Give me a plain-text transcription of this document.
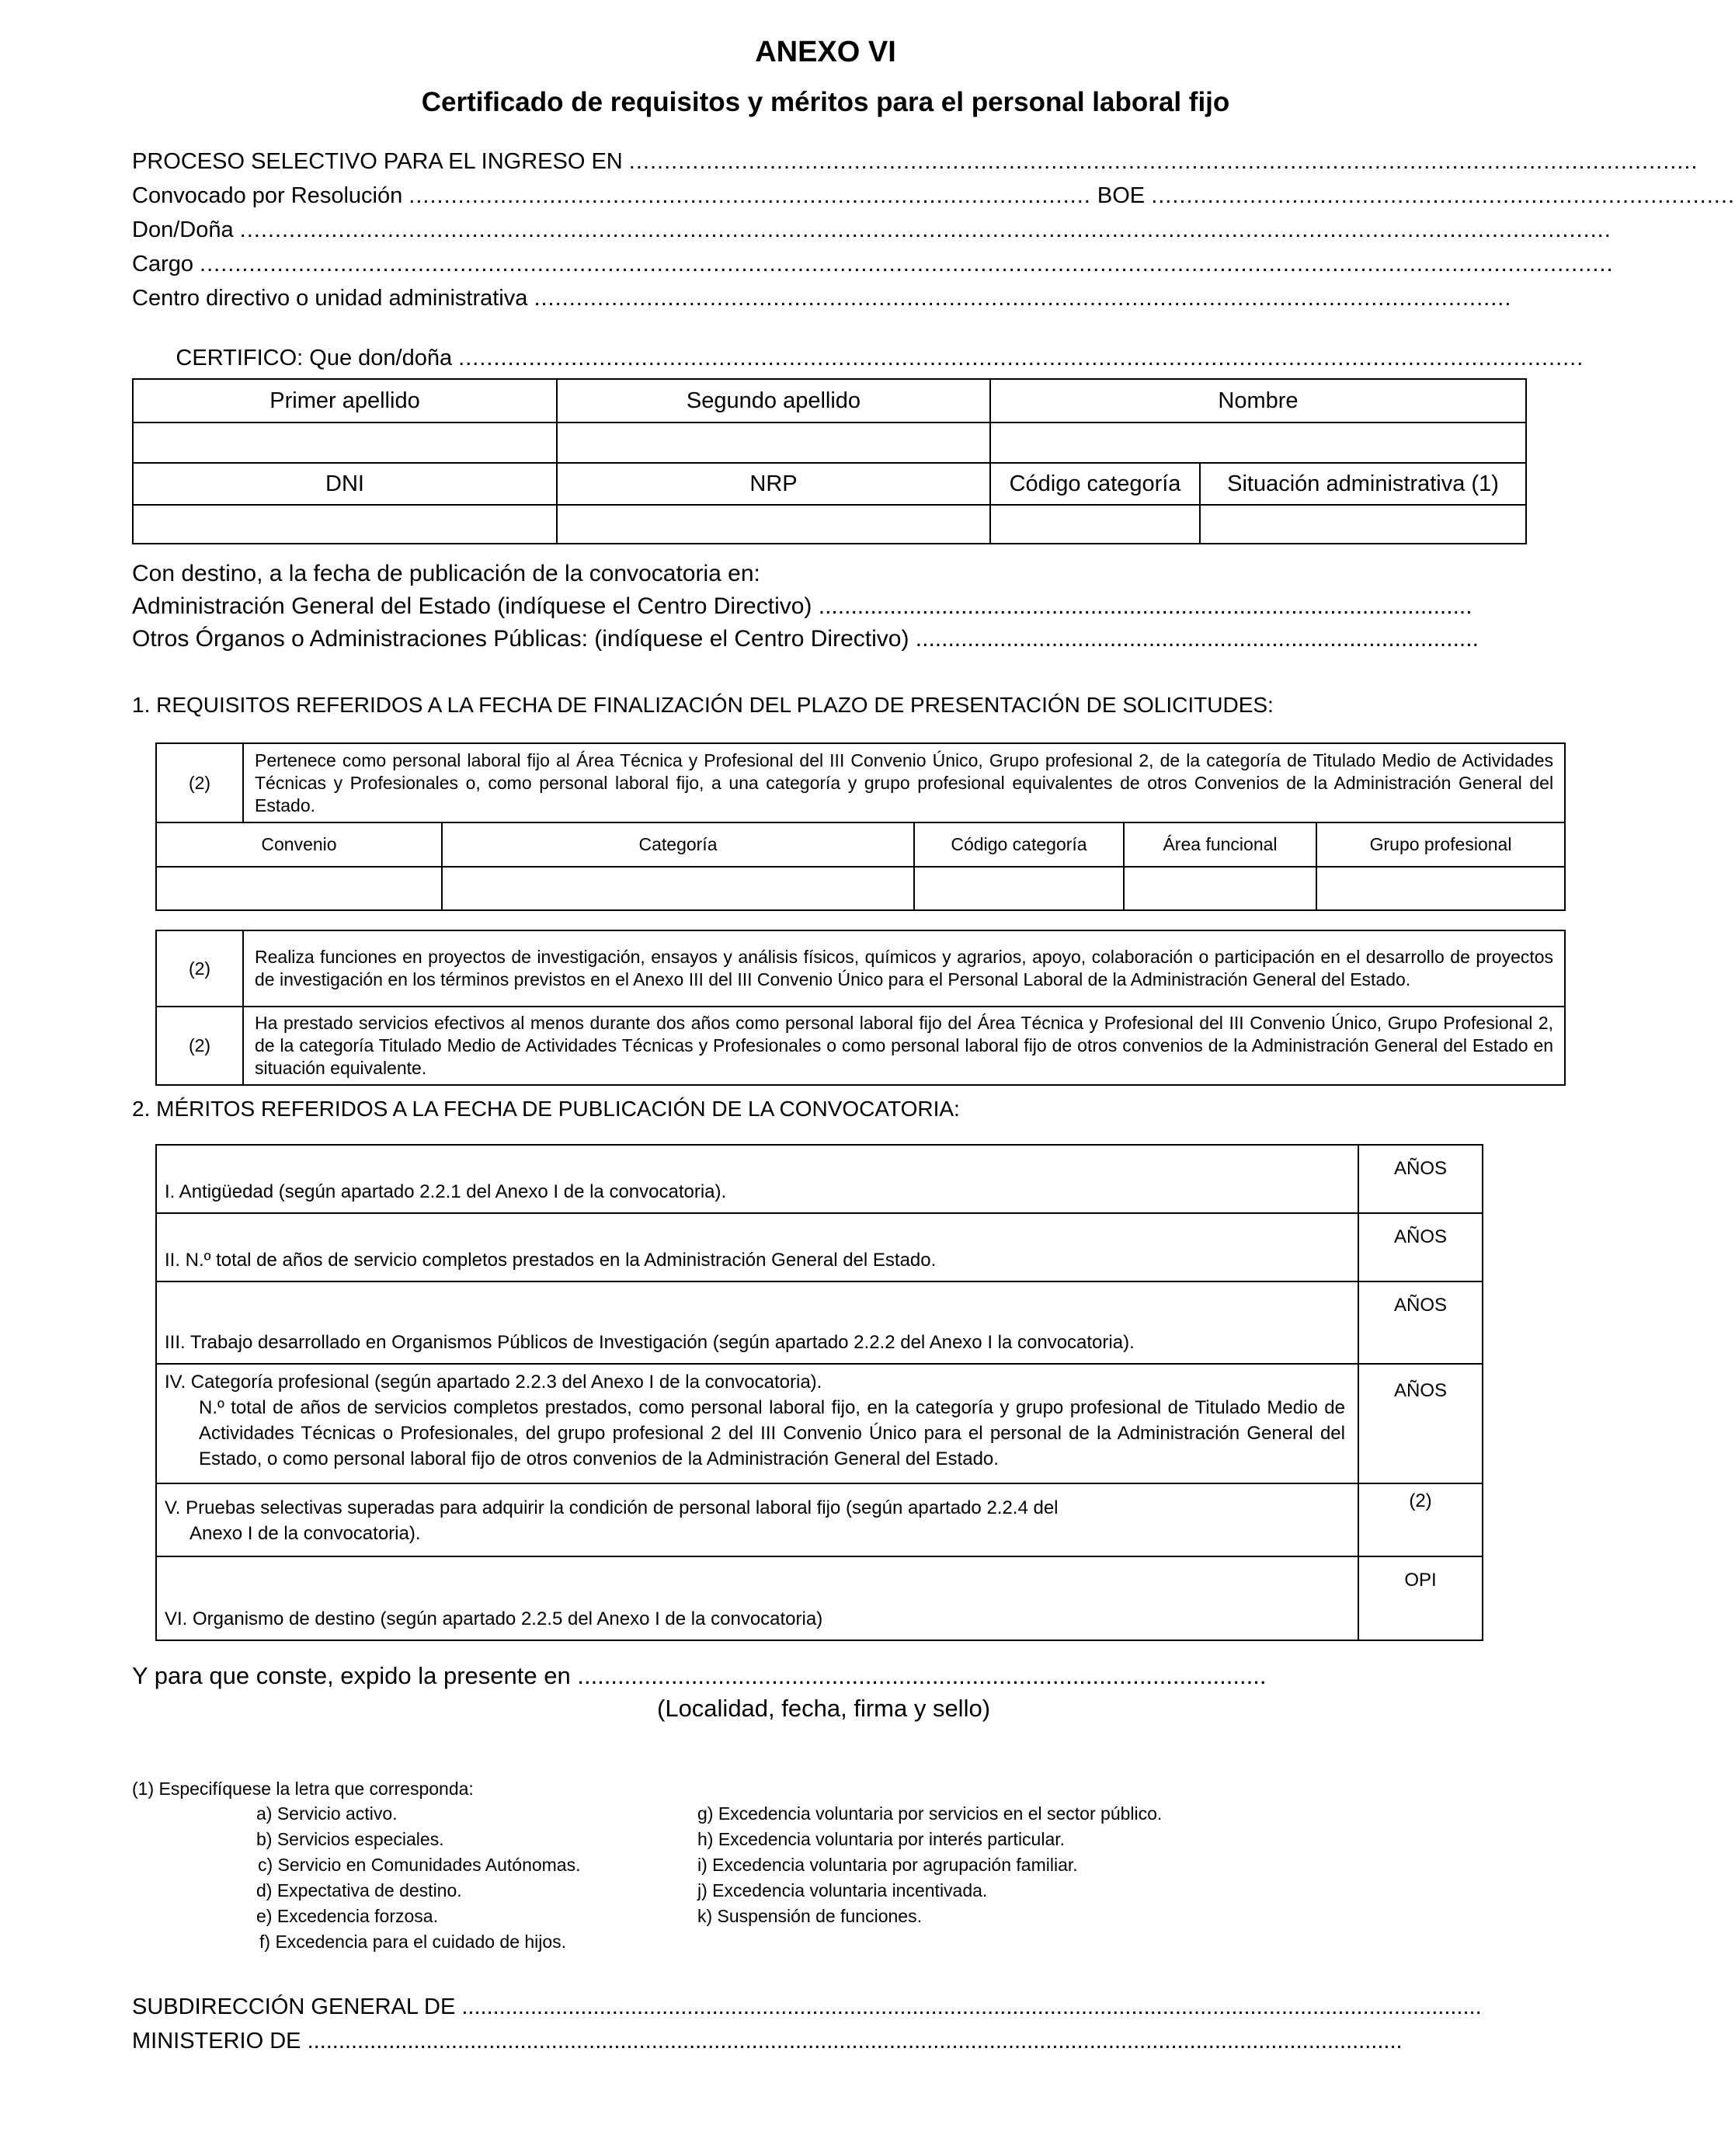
ANEXO VI
Certificado de requisitos y méritos para el personal laboral fijo
PROCESO SELECTIVO PARA EL INGRESO EN ........................................................................................................................................................
Convocado por Resolución ................................................................................................. BOE ...................................................................................
Don/Doña ...................................................................................................................................................................................................
Cargo .........................................................................................................................................................................................................
Centro directivo o unidad administrativa ...........................................................................................................................................

CERTIFICO: Que don/doña ................................................................................................................................................................

Primer apellido	Segundo apellido	Nombre	

DNI	NRP	Código categoría	Situación administrativa (1)

Con destino, a la fecha de publicación de la convocatoria en:
Administración General del Estado (indíquese el Centro Directivo) .....................................................................................................
Otros Órganos o Administraciones Públicas: (indíquese el Centro Directivo) .......................................................................................
1. REQUISITOS REFERIDOS A LA FECHA DE FINALIZACIÓN DEL PLAZO DE PRESENTACIÓN DE SOLICITUDES:
(2)	Pertenece como personal laboral fijo al Área Técnica y Profesional del III Convenio Único, Grupo profesional 2, de la categoría de Titulado Medio de Actividades Técnicas y Profesionales o, como personal laboral fijo, a una categoría y grupo profesional equivalentes de otros Convenios de la Administración General del Estado.				
Convenio		Categoría	Código categoría	Área funcional	Grupo profesional

(2)	Realiza funciones en proyectos de investigación, ensayos y análisis físicos, químicos y agrarios, apoyo, colaboración o participación en el desarrollo de proyectos de investigación en los términos previstos en el Anexo III del III Convenio Único para el Personal Laboral de la Administración General del Estado.				
(2)	Ha prestado servicios efectivos al menos durante dos años como personal laboral fijo del Área Técnica y Profesional del III Convenio Único, Grupo Profesional 2, de la categoría Titulado Medio de Actividades Técnicas y Profesionales o como personal laboral fijo de otros convenios de la Administración General del Estado en situación equivalente.				
2. MÉRITOS REFERIDOS A LA FECHA DE PUBLICACIÓN DE LA CONVOCATORIA:
I. Antigüedad (según apartado 2.2.1 del Anexo I de la convocatoria).	AÑOS
II. N.º total de años de servicio completos prestados en la Administración General del Estado.	AÑOS
III. Trabajo desarrollado en Organismos Públicos de Investigación (según apartado 2.2.2 del Anexo I la convocatoria).	AÑOS

IV. Categoría profesional (según apartado 2.2.3 del Anexo I de la convocatoria).
N.º total de años de servicios completos prestados, como personal laboral fijo, en la categoría y grupo profesional de Titulado Medio de Actividades Técnicas o Profesionales, del grupo profesional 2 del III Convenio Único para el personal de la Administración General del Estado, o como personal laboral fijo de otros convenios de la Administración General del Estado.	AÑOS

V. Pruebas selectivas superadas para adquirir la condición de personal laboral fijo (según apartado 2.2.4 del
Anexo I de la convocatoria).	(2)
VI. Organismo de destino (según apartado 2.2.5 del Anexo I de la convocatoria)	OPI
Y para que conste, expido la presente en .......................................................................................................
(Localidad, fecha, firma y sello)
(1) Especifíquese la letra que corresponda:
a) Servicio activo.
b) Servicios especiales.
c) Servicio en Comunidades Autónomas.
d) Expectativa de destino.
e) Excedencia forzosa.
f) Excedencia para el cuidado de hijos.
g) Excedencia voluntaria por servicios en el sector público.
h) Excedencia voluntaria por interés particular.
i) Excedencia voluntaria por agrupación familiar.
j) Excedencia voluntaria incentivada.
k) Suspensión de funciones.
SUBDIRECCIÓN GENERAL DE ...................................................................................................................................................................
MINISTERIO DE ...............................................................................................................................................................................
